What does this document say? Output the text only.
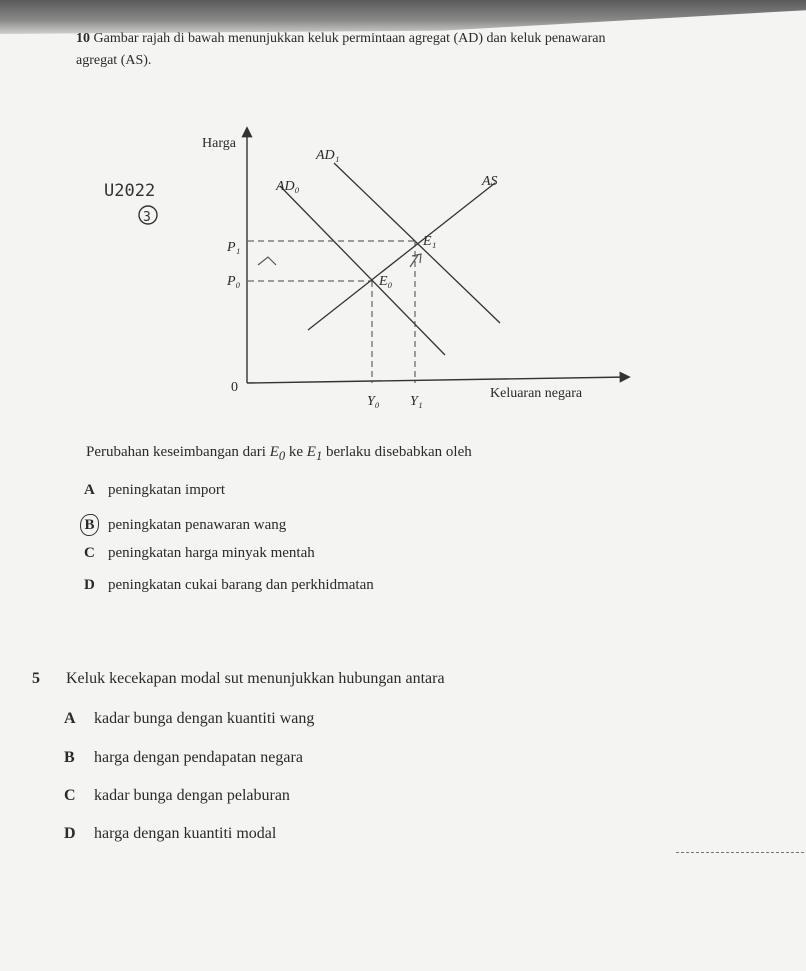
10 Gambar rajah di bawah menunjukkan keluk permintaan agregat (AD) dan keluk penawaran
agregat (AS).
U2022
3
Harga
AD₁
AD₀	AS
P₁
P₀
E₁
E₀
0
Y₀ Y₁
Keluaran negara
Perubahan keseimbangan dari $E_0$ ke $E_1$ berlaku disebabkan oleh
A peningkatan import
B peningkatan penawaran wang
C peningkatan harga minyak mentah
D peningkatan cukai barang dan perkhidmatan
5 Keluk kecekapan modal sut menunjukkan hubungan antara
A kadar bunga dengan kuantiti wang
B harga dengan pendapatan negara
C kadar bunga dengan pelaburan
D harga dengan kuantiti modal
